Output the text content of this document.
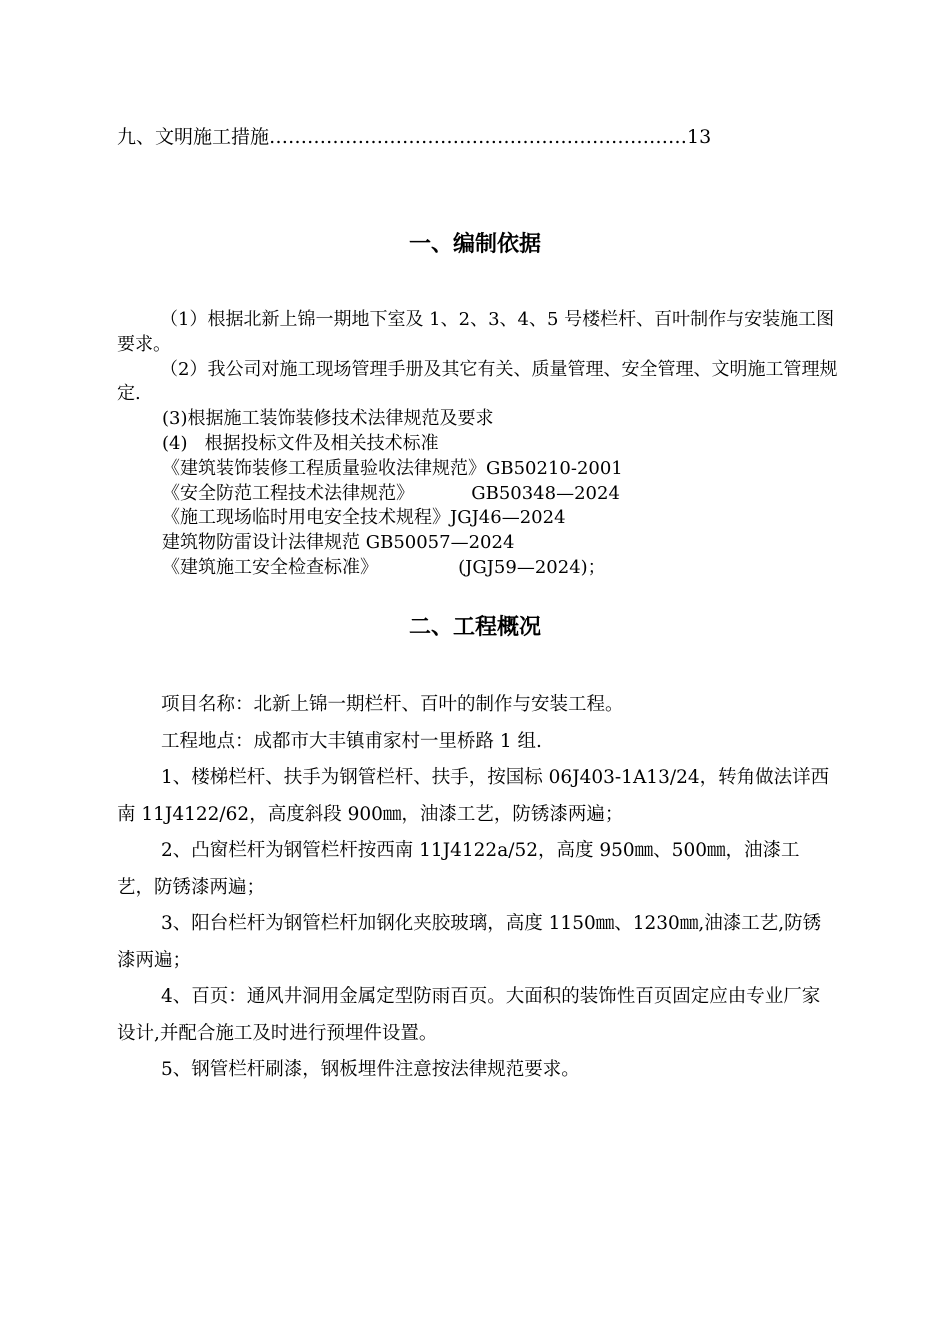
九、文明施工措施…………………………………………………………13
一、编制依据

（1）根据北新上锦一期地下室及 1、2、3、4、5 号楼栏杆、百叶制作与安装施工图要求。

（2）我公司对施工现场管理手册及其它有关、质量管理、安全管理、文明施工管理规定.

(3)根据施工装饰装修技术法律规范及要求

(4)   根据投标文件及相关技术标准

《建筑装饰装修工程质量验收法律规范》GB50210-2001

《安全防范工程技术法律规范》          GB50348—2024

《施工现场临时用电安全技术规程》JGJ46—2024

建筑物防雷设计法律规范 GB50057—2024

《建筑施工安全检查标准》              (JGJ59—2024)；

二、工程概况

项目名称：北新上锦一期栏杆、百叶的制作与安装工程。

工程地点：成都市大丰镇甫家村一里桥路 1 组.

1、楼梯栏杆、扶手为钢管栏杆、扶手，按国标 06J403-1A13/24，转角做法详西南 11J4122/62，高度斜段 900㎜，油漆工艺，防锈漆两遍；

2、凸窗栏杆为钢管栏杆按西南 11J4122a/52，高度 950㎜、500㎜，油漆工艺，防锈漆两遍；

3、阳台栏杆为钢管栏杆加钢化夹胶玻璃，高度 1150㎜、1230㎜,油漆工艺,防锈漆两遍；

4、百页：通风井洞用金属定型防雨百页。大面积的装饰性百页固定应由专业厂家设计,并配合施工及时进行预埋件设置。

5、钢管栏杆刷漆，钢板埋件注意按法律规范要求。
